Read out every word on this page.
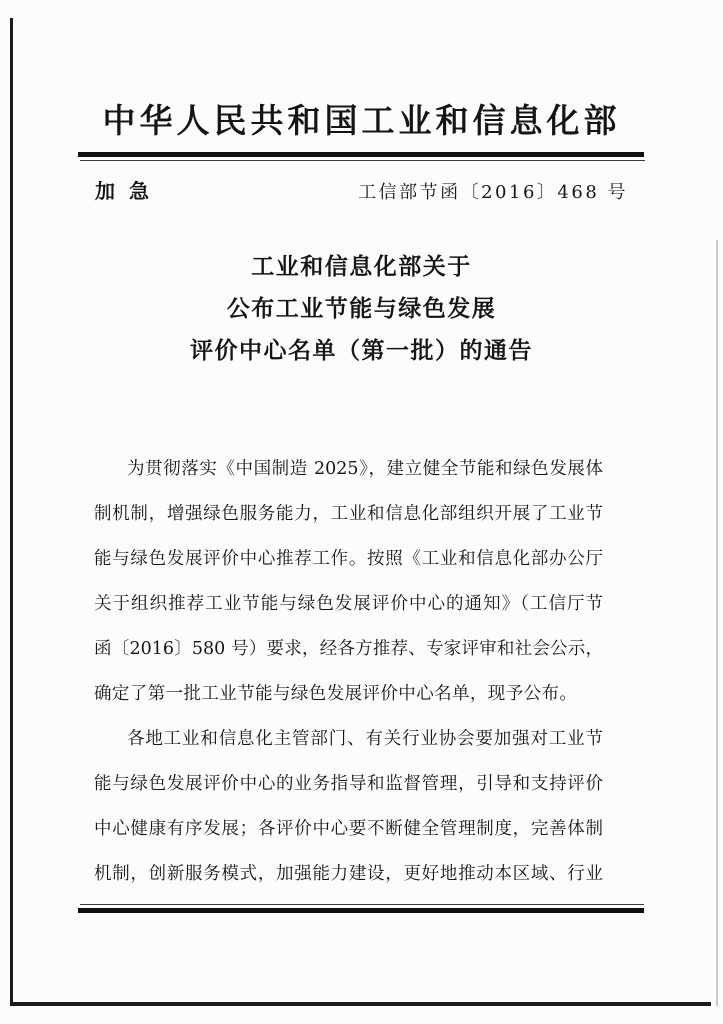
中华人民共和国工业和信息化部
加急	工信部节函〔2016〕468 号
工业和信息化部关于
公布工业节能与绿色发展
评价中心名单（第一批）的通告
为贯彻落实《中国制造 2025》，建立健全节能和绿色发展体
制机制，增强绿色服务能力，工业和信息化部组织开展了工业节
能与绿色发展评价中心推荐工作。按照《工业和信息化部办公厅
关于组织推荐工业节能与绿色发展评价中心的通知》（工信厅节
函〔2016〕580 号）要求，经各方推荐、专家评审和社会公示，
确定了第一批工业节能与绿色发展评价中心名单，现予公布。
各地工业和信息化主管部门、有关行业协会要加强对工业节
能与绿色发展评价中心的业务指导和监督管理，引导和支持评价
中心健康有序发展；各评价中心要不断健全管理制度，完善体制
机制，创新服务模式，加强能力建设，更好地推动本区域、行业
